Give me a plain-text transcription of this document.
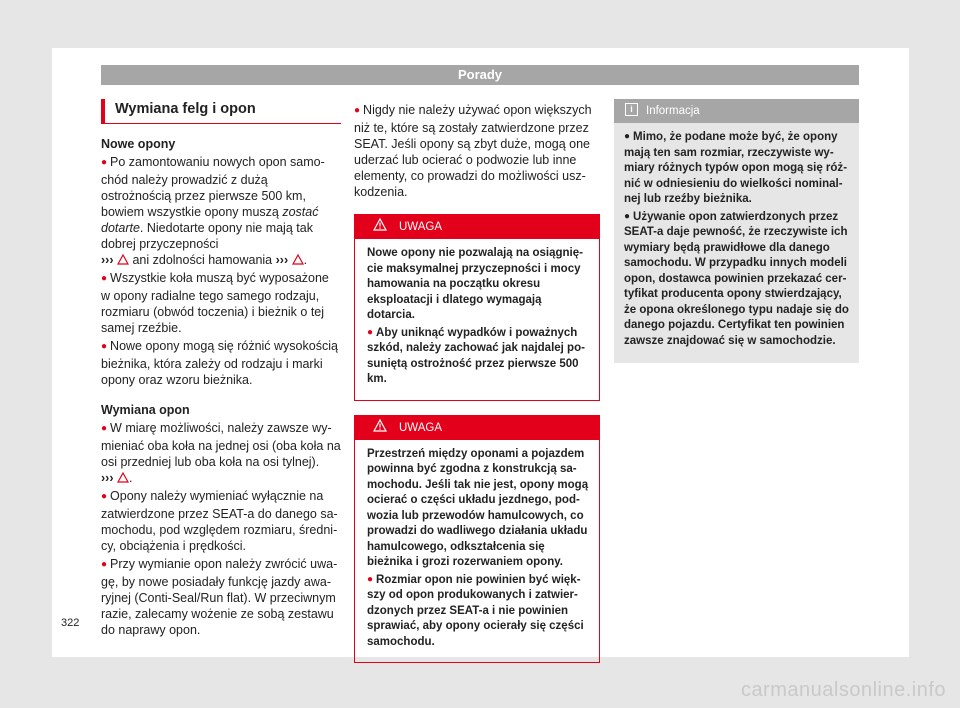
Porady
Wymiana felg i opon
Nowe opony

● Po zamontowaniu nowych opon samochód należy prowadzić z dużą ostrożnością przez pierwsze 500 km, bowiem wszystkie opony muszą zostać dotarte. Niedotarte opony nie mają tak dobrej przyczepności
››› ani zdolności hamowania ››› .

● Wszystkie koła muszą być wyposażone w opony radialne tego samego rodzaju, rozmiaru (obwód toczenia) i bieżnik o tej samej rzeźbie.

● Nowe opony mogą się różnić wysokością bieżnika, która zależy od rodzaju i marki opony oraz wzoru bieżnika.

Wymiana opon

● W miarę możliwości, należy zawsze wymieniać oba koła na jednej osi (oba koła na osi przedniej lub oba koła na osi tylnej).
››› .

● Opony należy wymieniać wyłącznie na zatwierdzone przez SEAT-a do danego samochodu, pod względem rozmiaru, średnicy, obciążenia i prędkości.

● Przy wymianie opon należy zwrócić uwagę, by nowe posiadały funkcję jazdy awaryjnej (Conti-Seal/Run flat). W przeciwnym razie, zalecamy wożenie ze sobą zestawu do naprawy opon.

● Nigdy nie należy używać opon większych niż te, które są zostały zatwierdzone przez SEAT. Jeśli opony są zbyt duże, mogą one uderzać lub ocierać o podwozie lub inne elementy, co prowadzi do możliwości uszkodzenia.

UWAGA

Nowe opony nie pozwalają na osiągnięcie maksymalnej przyczepności i mocy hamowania na początku okresu eksploatacji i dlatego wymagają dotarcia.

● Aby uniknąć wypadków i poważnych szkód, należy zachować jak najdalej posuniętą ostrożność przez pierwsze 500 km.

UWAGA

Przestrzeń między oponami a pojazdem powinna być zgodna z konstrukcją samochodu. Jeśli tak nie jest, opony mogą ocierać o części układu jezdnego, podwozia lub przewodów hamulcowych, co prowadzi do wadliwego działania układu hamulcowego, odkształcenia się bieżnika i grozi rozerwaniem opony.

● Rozmiar opon nie powinien być większy od opon produkowanych i zatwierdzonych przez SEAT-a i nie powinien sprawiać, aby opony ocierały się części samochodu.

i	Informacja

● Mimo, że podane może być, że opony mają ten sam rozmiar, rzeczywiste wymiary różnych typów opon mogą się różnić w odniesieniu do wielkości nominalnej lub rzeźby bieżnika.

● Używanie opon zatwierdzonych przez SEAT-a daje pewność, że rzeczywiste ich wymiary będą prawidłowe dla danego samochodu. W przypadku innych modeli opon, dostawca powinien przekazać certyfikat producenta opony stwierdzający, że opona określonego typu nadaje się do danego pojazdu. Certyfikat ten powinien zawsze znajdować się w samochodzie.

322
carmanualsonline.info
